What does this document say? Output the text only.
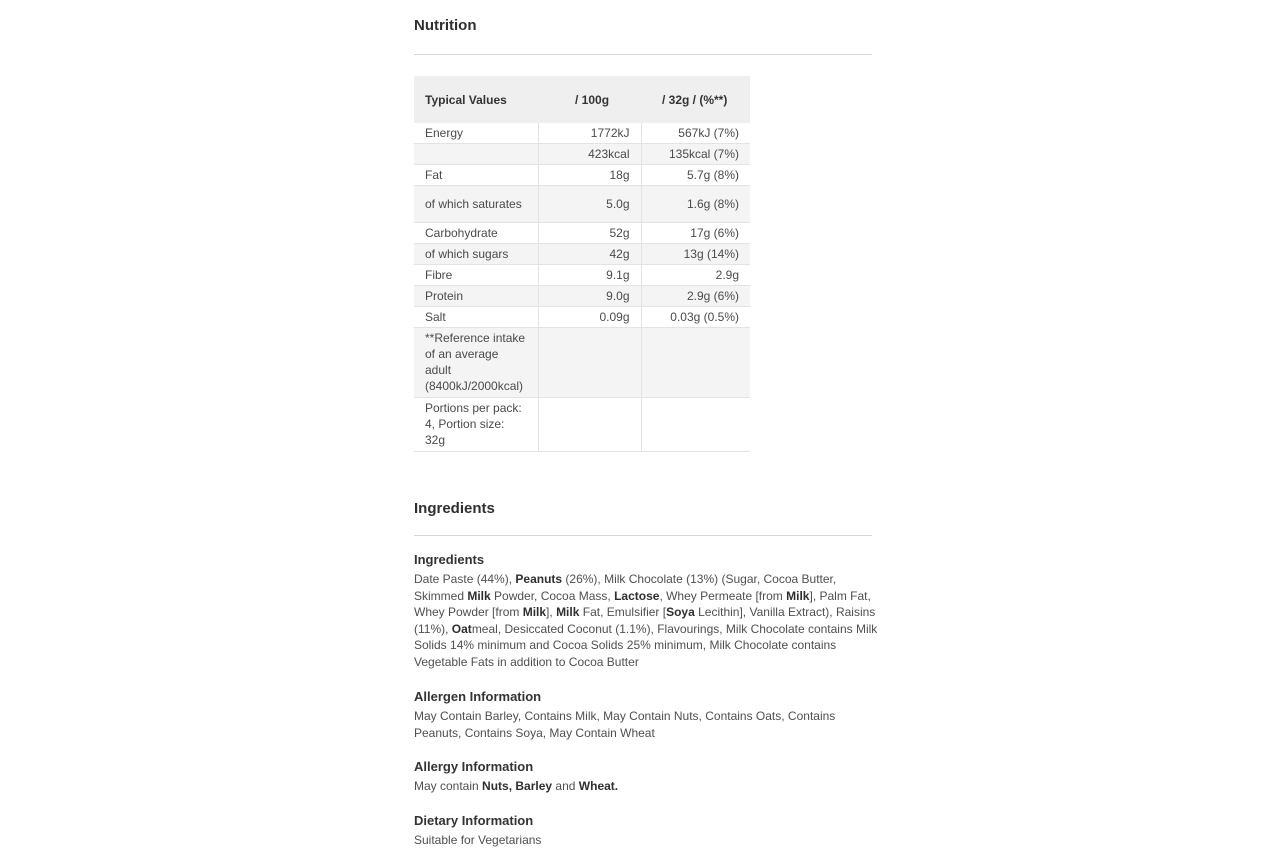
Nutrition
Typical Values	/ 100g	/ 32g / (%**)
Energy	1772kJ	567kJ (7%)
	423kcal	135kcal (7%)
Fat	18g	5.7g (8%)
of which saturates	5.0g	1.6g (8%)
Carbohydrate	52g	17g (6%)
of which sugars	42g	13g (14%)
Fibre	9.1g	2.9g
Protein	9.0g	2.9g (6%)
Salt	0.09g	0.03g (0.5%)
**Reference intake of an average adult (8400kJ/2000kcal)		
Portions per pack: 4, Portion size: 32g		
Ingredients
Ingredients

Date Paste (44%), Peanuts (26%), Milk Chocolate (13%) (Sugar, Cocoa Butter, Skimmed Milk Powder, Cocoa Mass, Lactose, Whey Permeate [from Milk], Palm Fat, Whey Powder [from Milk], Milk Fat, Emulsifier [Soya Lecithin], Vanilla Extract), Raisins (11%), Oatmeal, Desiccated Coconut (1.1%), Flavourings, Milk Chocolate contains Milk Solids 14% minimum and Cocoa Solids 25% minimum, Milk Chocolate contains Vegetable Fats in addition to Cocoa Butter

Allergen Information

May Contain Barley, Contains Milk, May Contain Nuts, Contains Oats, Contains Peanuts, Contains Soya, May Contain Wheat

Allergy Information

May contain Nuts, Barley and Wheat.

Dietary Information

Suitable for Vegetarians
